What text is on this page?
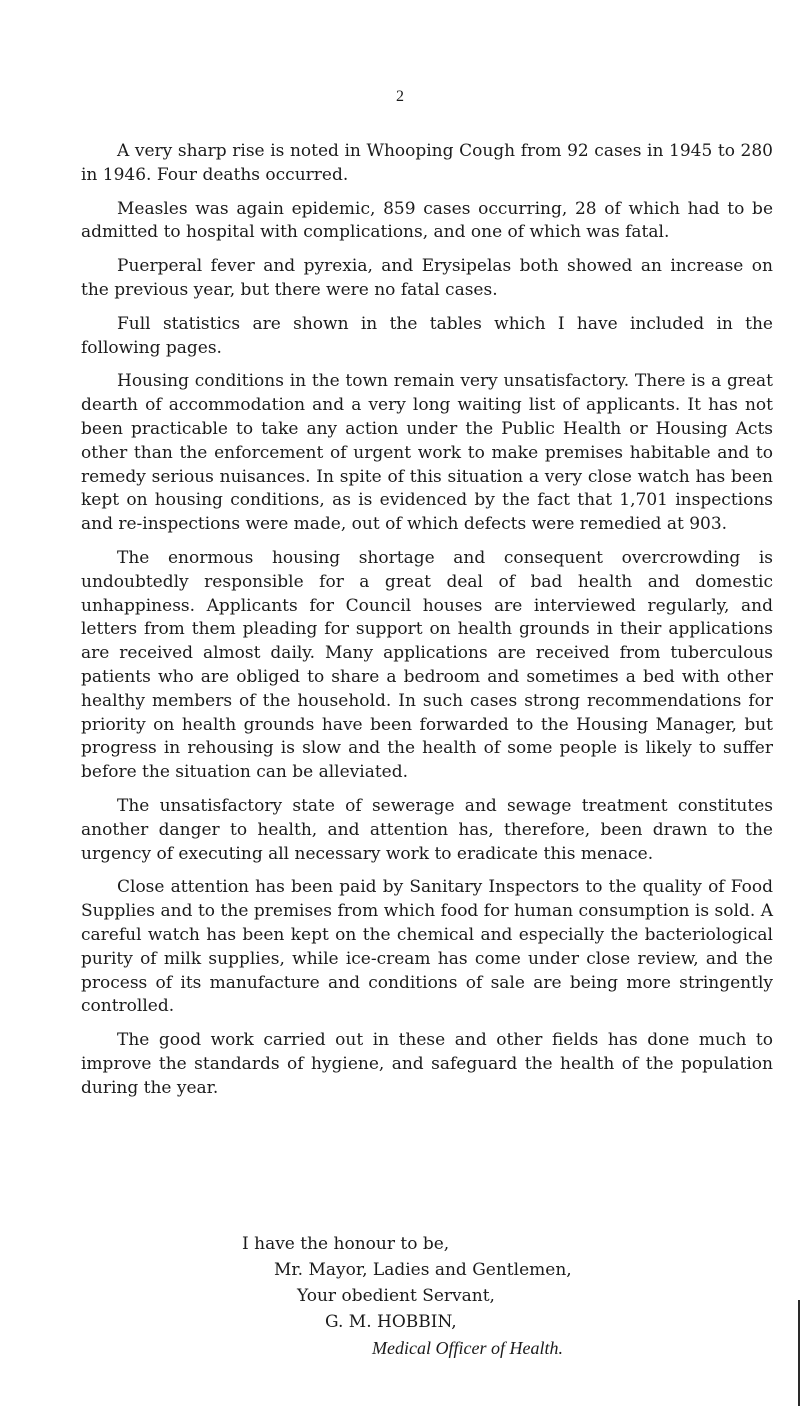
2

A very sharp rise is noted in Whooping Cough from 92 cases in 1945 to 280 in 1946. Four deaths occurred.

Measles was again epidemic, 859 cases occurring, 28 of which had to be admitted to hospital with complications, and one of which was fatal.

Puerperal fever and pyrexia, and Erysipelas both showed an increase on the previous year, but there were no fatal cases.

Full statistics are shown in the tables which I have included in the following pages.

Housing conditions in the town remain very unsatisfactory. There is a great dearth of accommodation and a very long waiting list of applicants. It has not been practicable to take any action under the Public Health or Housing Acts other than the enforcement of urgent work to make premises habitable and to remedy serious nuisances. In spite of this situation a very close watch has been kept on housing conditions, as is evidenced by the fact that 1,701 inspections and re-inspections were made, out of which defects were remedied at 903.

The enormous housing shortage and consequent overcrowding is undoubtedly responsible for a great deal of bad health and domestic unhappiness. Applicants for Council houses are interviewed regularly, and letters from them pleading for support on health grounds in their applications are received almost daily. Many applications are received from tuberculous patients who are obliged to share a bedroom and sometimes a bed with other healthy members of the household. In such cases strong recommendations for priority on health grounds have been forwarded to the Housing Manager, but progress in rehousing is slow and the health of some people is likely to suffer before the situation can be alleviated.

The unsatisfactory state of sewerage and sewage treatment constitutes another danger to health, and attention has, therefore, been drawn to the urgency of executing all necessary work to eradicate this menace.

Close attention has been paid by Sanitary Inspectors to the quality of Food Supplies and to the premises from which food for human consumption is sold. A careful watch has been kept on the chemical and especially the bacteriological purity of milk supplies, while ice-cream has come under close review, and the process of its manufacture and conditions of sale are being more stringently controlled.

The good work carried out in these and other fields has done much to improve the standards of hygiene, and safeguard the health of the population during the year.

I have the honour to be,
Mr. Mayor, Ladies and Gentlemen,
Your obedient Servant,
G. M. HOBBIN,
Medical Officer of Health.
